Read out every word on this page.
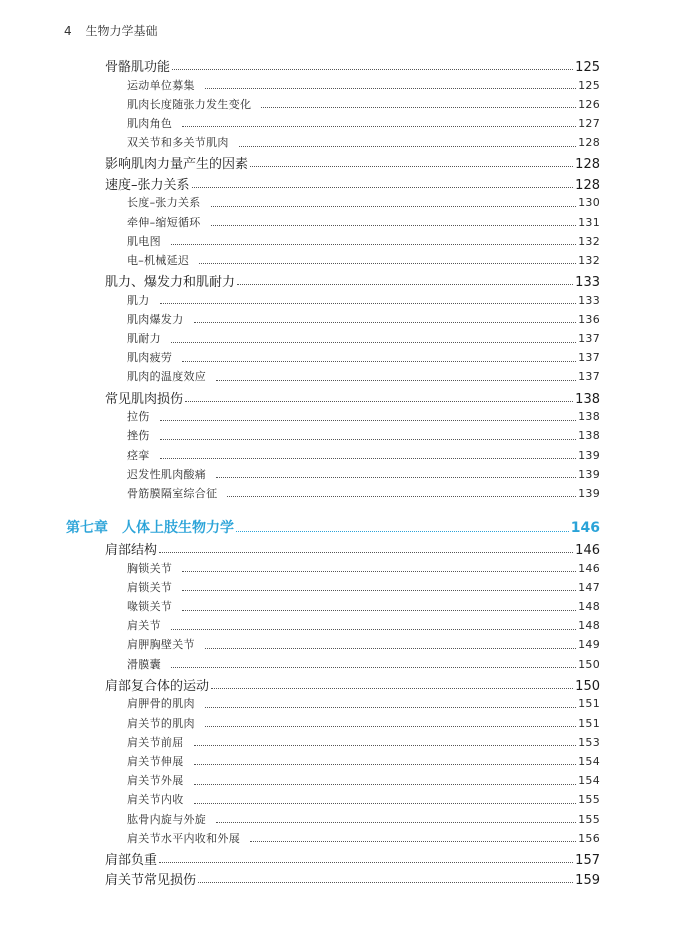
4 生物力学基础
骨骼肌功能	125
运动单位募集	125
肌肉长度随张力发生变化	126
肌肉角色	127
双关节和多关节肌肉	128
影响肌肉力量产生的因素	128
速度–张力关系	128
长度–张力关系	130
牵伸–缩短循环	131
肌电图	132
电–机械延迟	132
肌力、爆发力和肌耐力	133
肌力	133
肌肉爆发力	136
肌耐力	137
肌肉疲劳	137
肌肉的温度效应	137
常见肌肉损伤	138
拉伤	138
挫伤	138
痉挛	139
迟发性肌肉酸痛	139
骨筋膜隔室综合征	139
第七章 人体上肢生物力学	146
肩部结构	146
胸锁关节	146
肩锁关节	147
喙锁关节	148
肩关节	148
肩胛胸壁关节	149
滑膜囊	150
肩部复合体的运动	150
肩胛骨的肌肉	151
肩关节的肌肉	151
肩关节前屈	153
肩关节伸展	154
肩关节外展	154
肩关节内收	155
肱骨内旋与外旋	155
肩关节水平内收和外展	156
肩部负重	157
肩关节常见损伤	159
